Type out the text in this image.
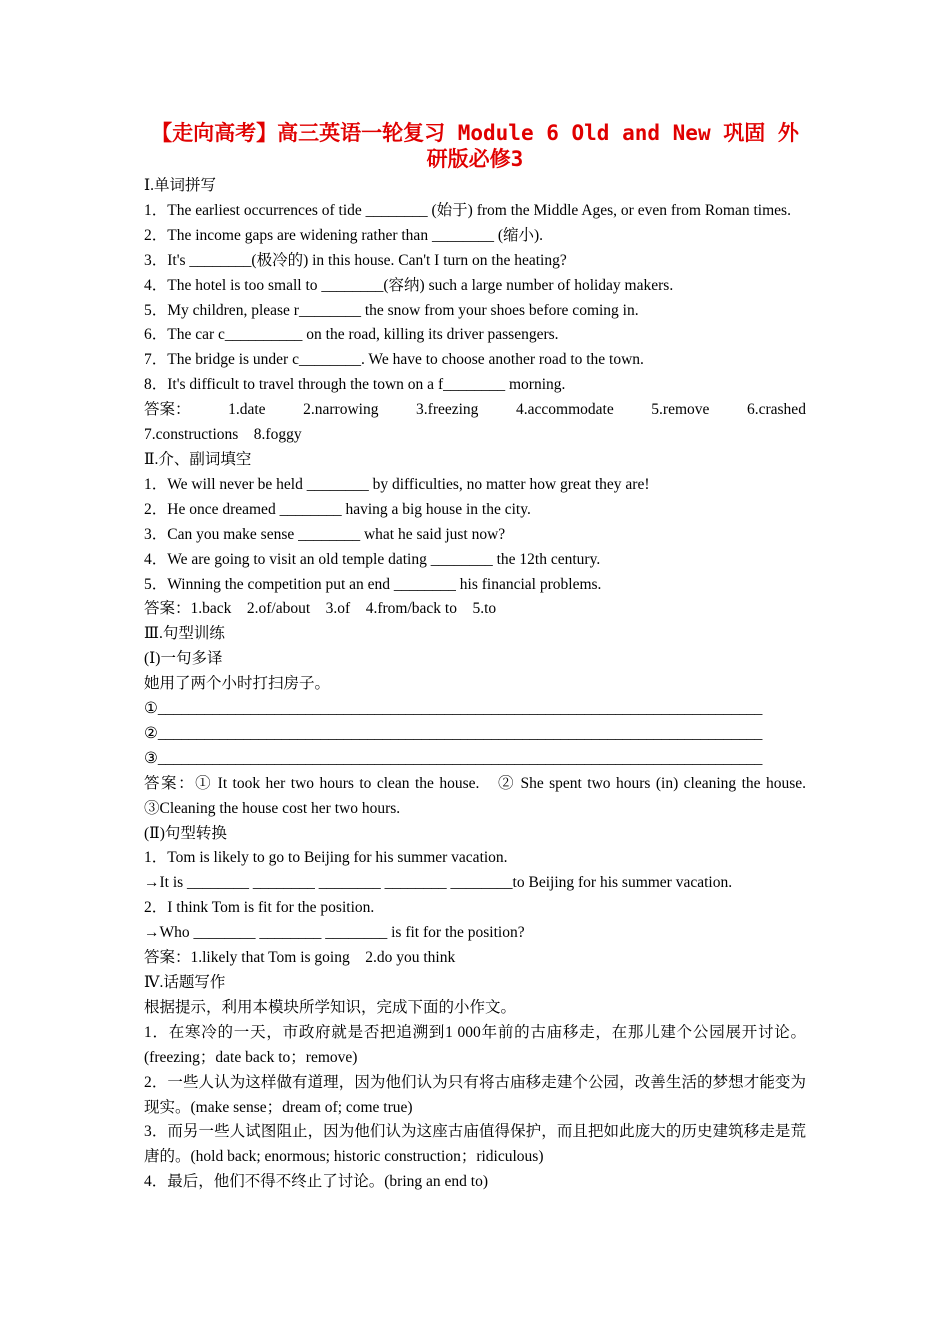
【走向高考】高三英语一轮复习 Module 6 Old and New 巩固 外研版必修3
Ⅰ.单词拼写
1．The earliest occurrences of tide ________ (始于) from the Middle Ages, or even from Roman times.
2．The income gaps are widening rather than ________ (缩小).
3．It's ________(极冷的) in this house. Can't I turn on the heating?
4．The hotel is too small to ________(容纳) such a large number of holiday makers.
5．My children, please r________ the snow from your shoes before coming in.
6．The car c__________ on the road, killing its driver passengers.
7．The bridge is under c________. We have to choose another road to the town.
8．It's difficult to travel through the town on a f________ morning.
答案： 1.date 2.narrowing 3.freezing 4.accommodate 5.remove 6.crashed
7.constructions　8.foggy
Ⅱ.介、副词填空
1．We will never be held ________ by difficulties, no matter how great they are!
2．He once dreamed ________ having a big house in the city.
3．Can you make sense ________ what he said just now?
4．We are going to visit an old temple dating ________ the 12th century.
5．Winning the competition put an end ________ his financial problems.
答案：1.back　2.of/about　3.of　4.from/back to　5.to
Ⅲ.句型训练
(Ⅰ)一句多译
她用了两个小时打扫房子。
①______________________________________________________________________________
②______________________________________________________________________________
③______________________________________________________________________________
答案：① It took her two hours to clean the house.　② She spent two hours (in) cleaning the house.　③Cleaning the house cost her two hours.
(Ⅱ)句型转换
1．Tom is likely to go to Beijing for his summer vacation.
→It is ________ ________ ________ ________ ________to Beijing for his summer vacation.
2．I think Tom is fit for the position.
→Who ________ ________ ________ is fit for the position?
答案：1.likely that Tom is going　2.do you think
Ⅳ.话题写作
根据提示，利用本模块所学知识，完成下面的小作文。
1．在寒冷的一天，市政府就是否把追溯到1 000年前的古庙移走，在那儿建个公园展开讨论。(freezing；date back to；remove)
2．一些人认为这样做有道理，因为他们认为只有将古庙移走建个公园，改善生活的梦想才能变为现实。(make sense；dream of; come true)
3．而另一些人试图阻止，因为他们认为这座古庙值得保护，而且把如此庞大的历史建筑移走是荒唐的。(hold back; enormous; historic construction；ridiculous)
4．最后，他们不得不终止了讨论。(bring an end to)
